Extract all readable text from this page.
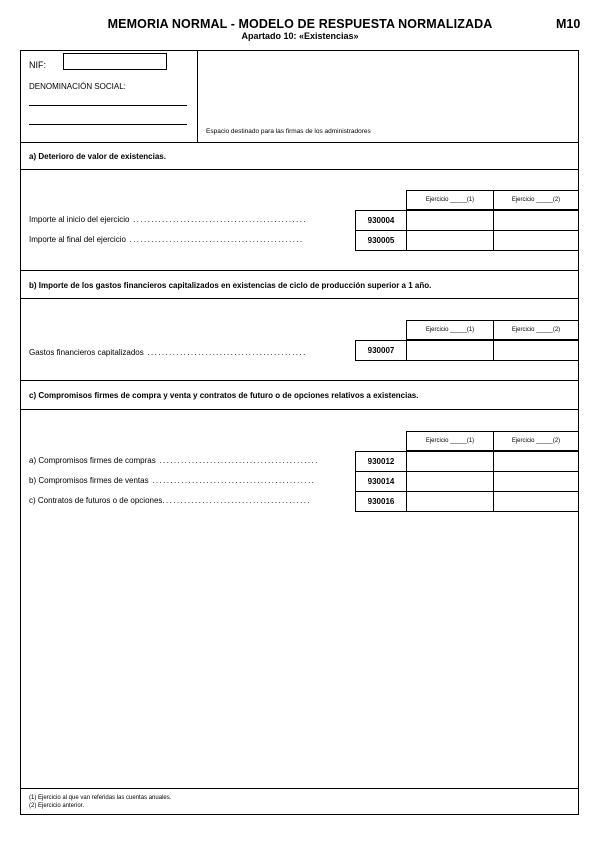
MEMORIA NORMAL - MODELO DE RESPUESTA NORMALIZADA
Apartado 10: «Existencias»
M10
NIF:
DENOMINACIÓN SOCIAL:
Espacio destinado para las firmas de los administradores
a) Deterioro de valor de existencias.
Ejercicio _____(1)	Ejercicio _____(2)
Importe al inicio del ejercicio ................................................	930004
Importe al final del ejercicio ................................................	930005
b) Importe de los gastos financieros capitalizados en existencias de ciclo de producción superior a 1 año.
Ejercicio _____(1)	Ejercicio _____(2)
Gastos financieros capitalizados ............................................	930007
c) Compromisos firmes de compra y venta y contratos de futuro o de opciones relativos a existencias.
Ejercicio _____(1)	Ejercicio _____(2)
a) Compromisos firmes de compras ............................................	930012
b) Compromisos firmes de ventas .............................................	930014
c) Contratos de futuros o de opciones.........................................	930016
(1) Ejercicio al que van referidas las cuentas anuales.
(2) Ejercicio anterior.
